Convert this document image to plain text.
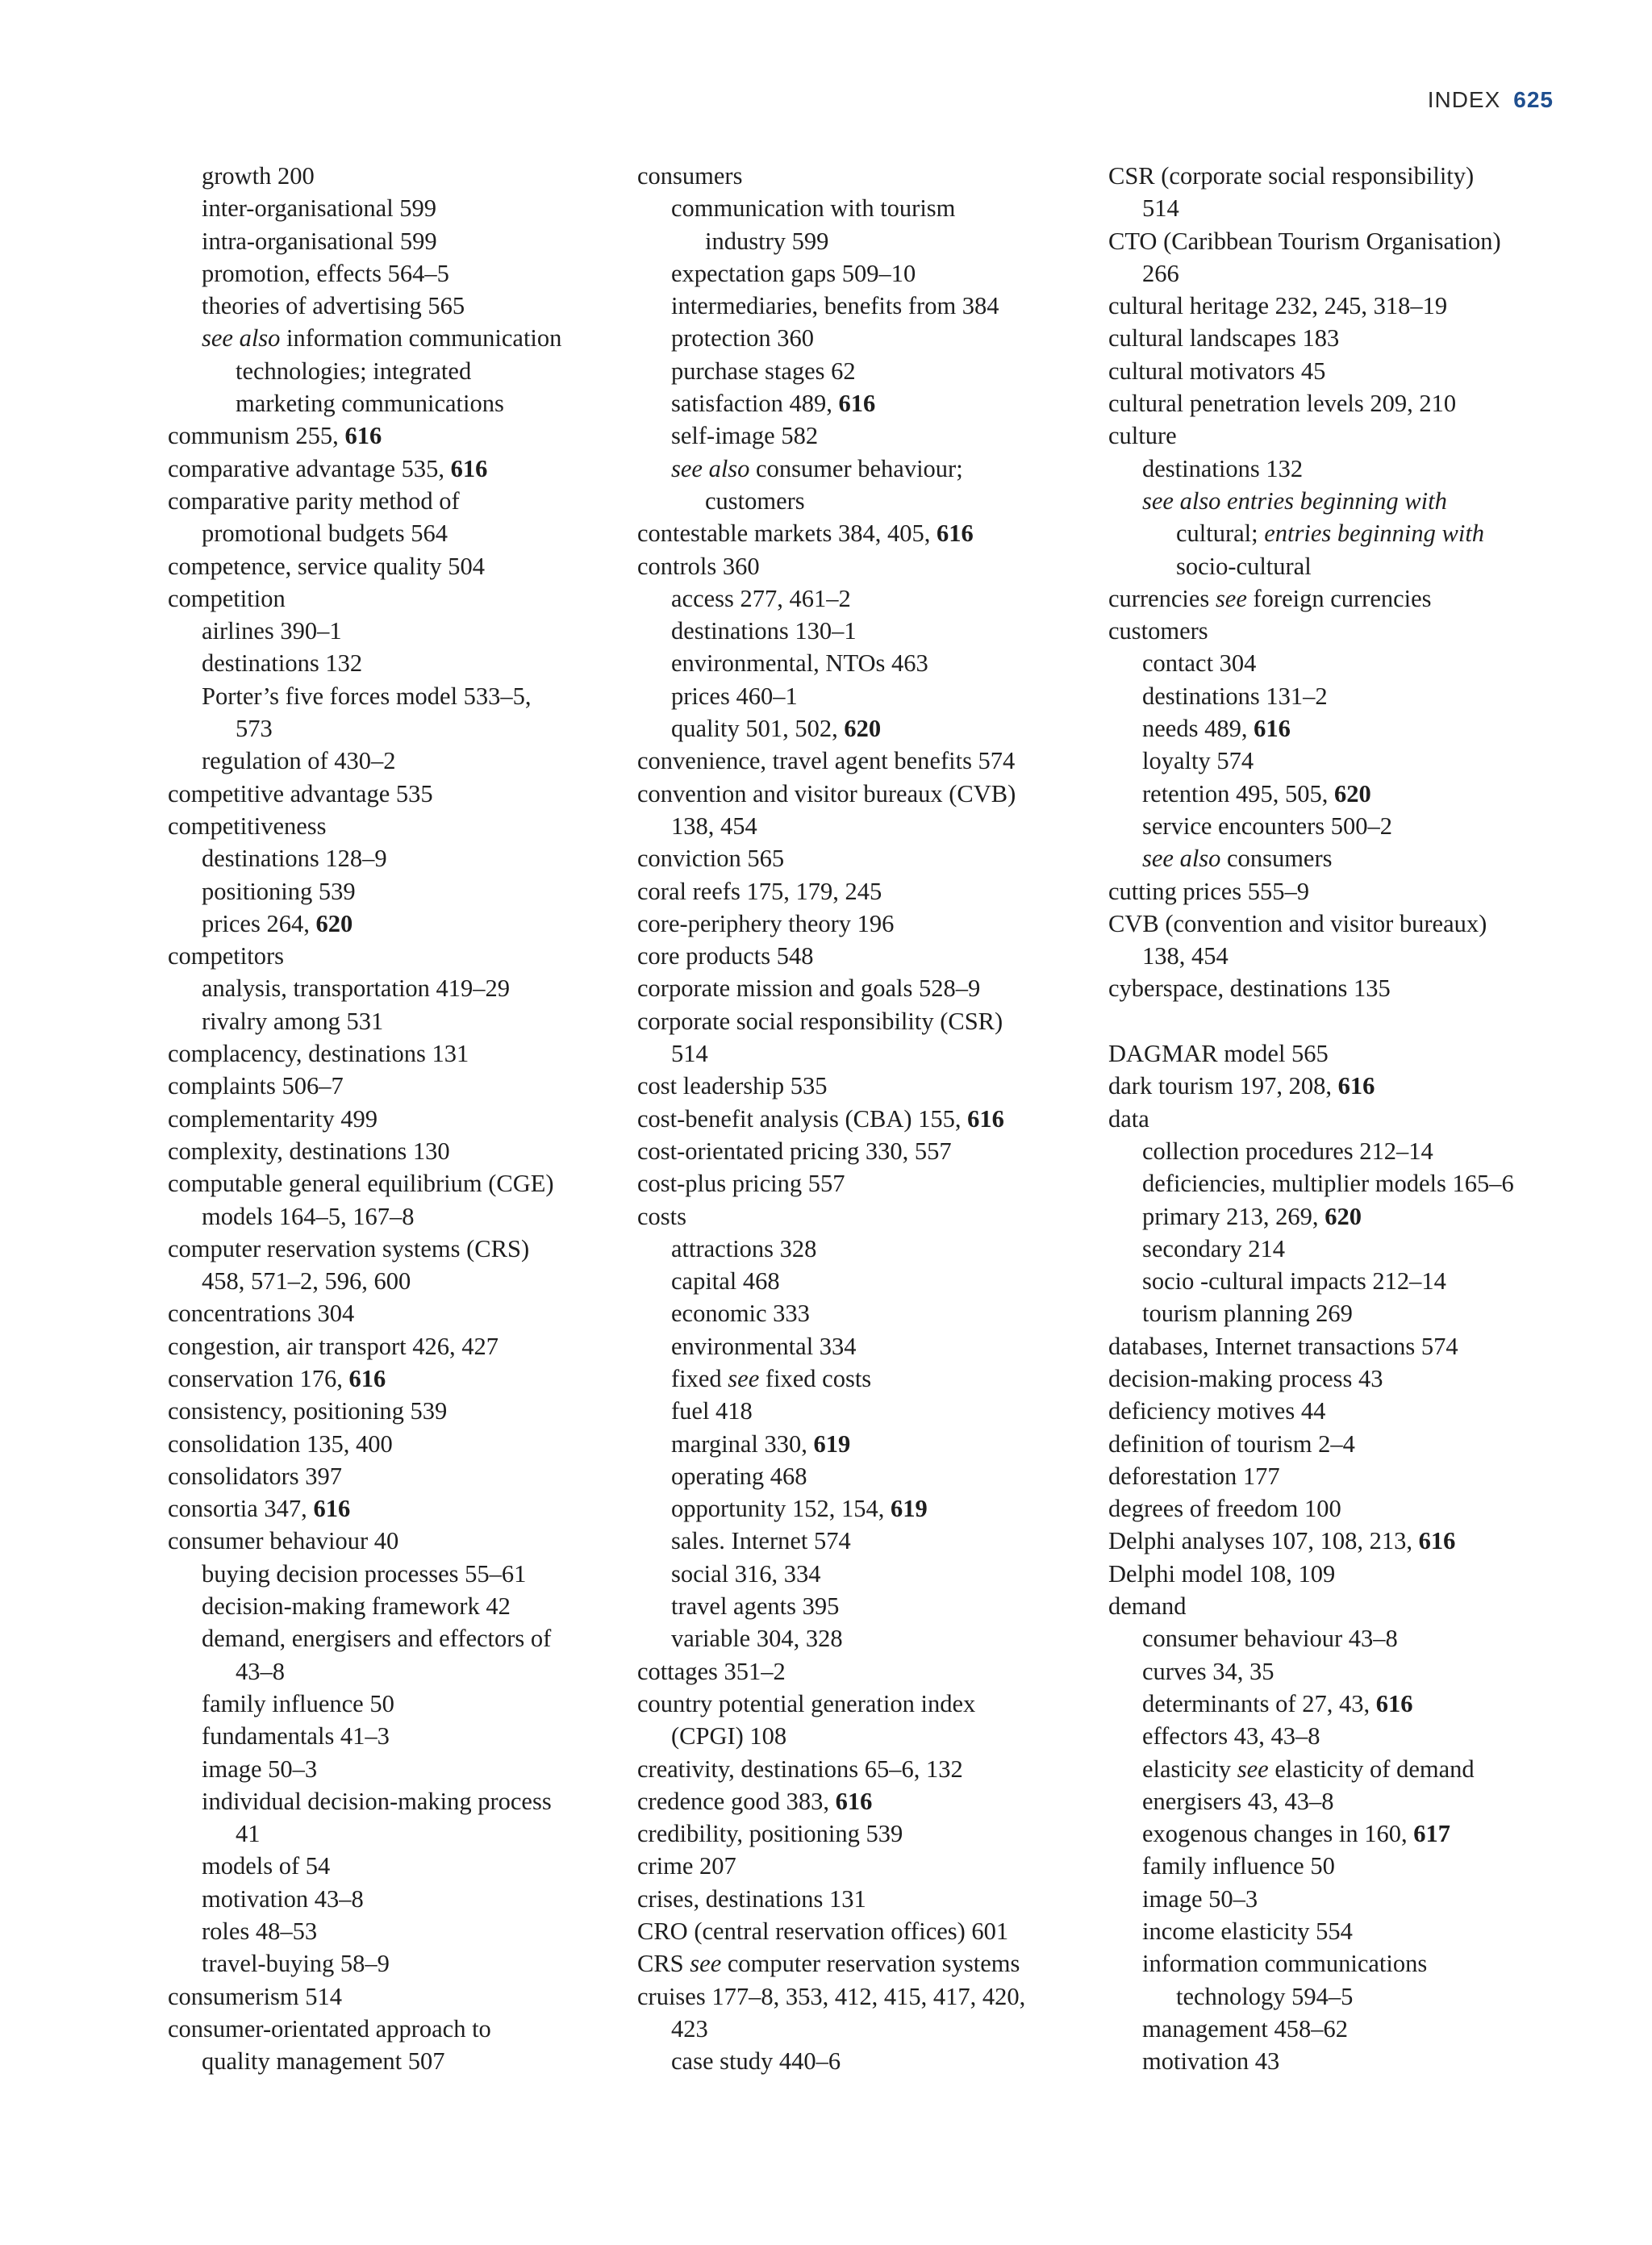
INDEX 625
growth 200
inter-organisational 599
intra-organisational 599
promotion, effects 564–5
theories of advertising 565
see also information communication
technologies; integrated
marketing communications
communism 255, 616
comparative advantage 535, 616
comparative parity method of
promotional budgets 564
competence, service quality 504
competition
airlines 390–1
destinations 132
Porter’s five forces model 533–5,
573
regulation of 430–2
competitive advantage 535
competitiveness
destinations 128–9
positioning 539
prices 264, 620
competitors
analysis, transportation 419–29
rivalry among 531
complacency, destinations 131
complaints 506–7
complementarity 499
complexity, destinations 130
computable general equilibrium (CGE)
models 164–5, 167–8
computer reservation systems (CRS)
458, 571–2, 596, 600
concentrations 304
congestion, air transport 426, 427
conservation 176, 616
consistency, positioning 539
consolidation 135, 400
consolidators 397
consortia 347, 616
consumer behaviour 40
buying decision processes 55–61
decision-making framework 42
demand, energisers and effectors of
43–8
family influence 50
fundamentals 41–3
image 50–3
individual decision-making process
41
models of 54
motivation 43–8
roles 48–53
travel-buying 58–9
consumerism 514
consumer-orientated approach to
quality management 507
consumers
communication with tourism
industry 599
expectation gaps 509–10
intermediaries, benefits from 384
protection 360
purchase stages 62
satisfaction 489, 616
self-image 582
see also consumer behaviour;
customers
contestable markets 384, 405, 616
controls 360
access 277, 461–2
destinations 130–1
environmental, NTOs 463
prices 460–1
quality 501, 502, 620
convenience, travel agent benefits 574
convention and visitor bureaux (CVB)
138, 454
conviction 565
coral reefs 175, 179, 245
core-periphery theory 196
core products 548
corporate mission and goals 528–9
corporate social responsibility (CSR)
514
cost leadership 535
cost-benefit analysis (CBA) 155, 616
cost-orientated pricing 330, 557
cost-plus pricing 557
costs
attractions 328
capital 468
economic 333
environmental 334
fixed see fixed costs
fuel 418
marginal 330, 619
operating 468
opportunity 152, 154, 619
sales. Internet 574
social 316, 334
travel agents 395
variable 304, 328
cottages 351–2
country potential generation index
(CPGI) 108
creativity, destinations 65–6, 132
credence good 383, 616
credibility, positioning 539
crime 207
crises, destinations 131
CRO (central reservation offices) 601
CRS see computer reservation systems
cruises 177–8, 353, 412, 415, 417, 420,
423
case study 440–6
CSR (corporate social responsibility)
514
CTO (Caribbean Tourism Organisation)
266
cultural heritage 232, 245, 318–19
cultural landscapes 183
cultural motivators 45
cultural penetration levels 209, 210
culture
destinations 132
see also entries beginning with
cultural; entries beginning with
socio-cultural
currencies see foreign currencies
customers
contact 304
destinations 131–2
needs 489, 616
loyalty 574
retention 495, 505, 620
service encounters 500–2
see also consumers
cutting prices 555–9
CVB (convention and visitor bureaux)
138, 454
cyberspace, destinations 135
DAGMAR model 565
dark tourism 197, 208, 616
data
collection procedures 212–14
deficiencies, multiplier models 165–6
primary 213, 269, 620
secondary 214
socio -cultural impacts 212–14
tourism planning 269
databases, Internet transactions 574
decision-making process 43
deficiency motives 44
definition of tourism 2–4
deforestation 177
degrees of freedom 100
Delphi analyses 107, 108, 213, 616
Delphi model 108, 109
demand
consumer behaviour 43–8
curves 34, 35
determinants of 27, 43, 616
effectors 43, 43–8
elasticity see elasticity of demand
energisers 43, 43–8
exogenous changes in 160, 617
family influence 50
image 50–3
income elasticity 554
information communications
technology 594–5
management 458–62
motivation 43
